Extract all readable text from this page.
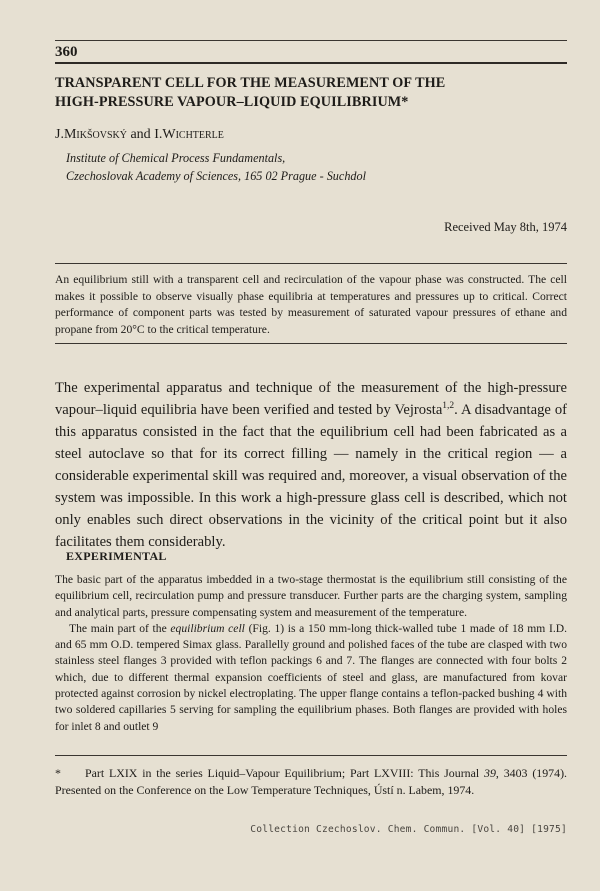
360
TRANSPARENT CELL FOR THE MEASUREMENT OF THE
HIGH-PRESSURE VAPOUR–LIQUID EQUILIBRIUM*
J.Mikšovský and I.Wichterle
Institute of Chemical Process Fundamentals,
Czechoslovak Academy of Sciences, 165 02 Prague - Suchdol
Received May 8th, 1974
An equilibrium still with a transparent cell and recirculation of the vapour phase was constructed. The cell makes it possible to observe visually phase equilibria at temperatures and pressures up to critical. Correct performance of component parts was tested by measurement of saturated vapour pressures of ethane and propane from 20°C to the critical temperature.
The experimental apparatus and technique of the measurement of the high-pressure vapour–liquid equilibria have been verified and tested by Vejrosta$^{1,2}$. A disadvantage of this apparatus consisted in the fact that the equilibrium cell had been fabricated as a steel autoclave so that for its correct filling — namely in the critical region — a considerable experimental skill was required and, moreover, a visual observation of the system was impossible. In this work a high-pressure glass cell is described, which not only enables such direct observations in the vicinity of the critical point but it also facilitates them considerably.
EXPERIMENTAL

The basic part of the apparatus imbedded in a two-stage thermostat is the equilibrium still consisting of the equilibrium cell, recirculation pump and pressure transducer. Further parts are the charging system, sampling and analytical parts, pressure compensating system and measurement of the temperature.

The main part of the equilibrium cell (Fig. 1) is a 150 mm-long thick-walled tube 1 made of 18 mm I.D. and 65 mm O.D. tempered Simax glass. Parallelly ground and polished faces of the tube are clasped with two stainless steel flanges 3 provided with teflon packings 6 and 7. The flanges are connected with four bolts 2 which, due to different thermal expansion coefficients of steel and glass, are manufactured from kovar protected against corrosion by nickel electroplating. The upper flange contains a teflon-packed bushing 4 with two soldered capillaries 5 serving for sampling the equilibrium phases. Both flanges are provided with holes for inlet 8 and outlet 9

* Part LXIX in the series Liquid–Vapour Equilibrium; Part LXVIII: This Journal 39, 3403 (1974). Presented on the Conference on the Low Temperature Techniques, Ústí n. Labem, 1974.
Collection Czechoslov. Chem. Commun. [Vol. 40] [1975]
